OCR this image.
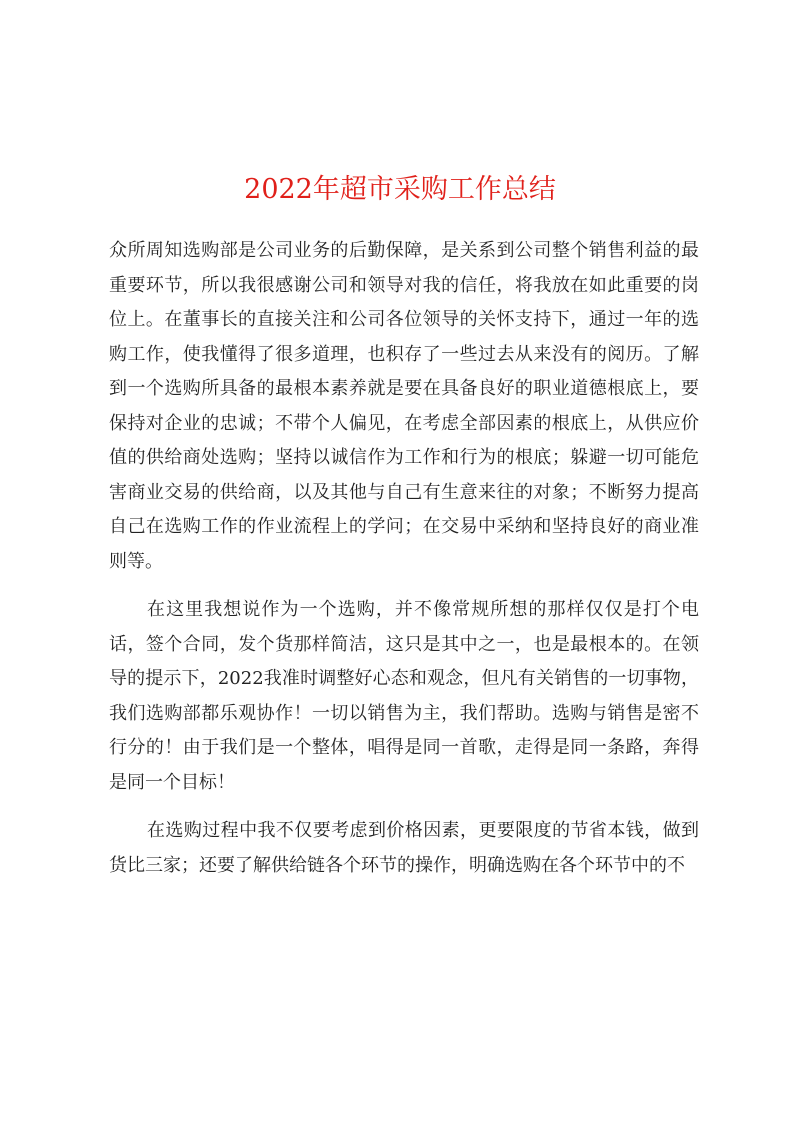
2022年超市采购工作总结

众所周知选购部是公司业务的后勤保障，是关系到公司整个销售利益的最重要环节，所以我很感谢公司和领导对我的信任，将我放在如此重要的岗位上。在董事长的直接关注和公司各位领导的关怀支持下，通过一年的选购工作，使我懂得了很多道理，也积存了一些过去从来没有的阅历。了解到一个选购所具备的最根本素养就是要在具备良好的职业道德根底上，要保持对企业的忠诚；不带个人偏见，在考虑全部因素的根底上，从供应价值的供给商处选购；坚持以诚信作为工作和行为的根底；躲避一切可能危害商业交易的供给商，以及其他与自己有生意来往的对象；不断努力提高自己在选购工作的作业流程上的学问；在交易中采纳和坚持良好的商业准则等。

在这里我想说作为一个选购，并不像常规所想的那样仅仅是打个电话，签个合同，发个货那样简洁，这只是其中之一，也是最根本的。在领导的提示下，2022我准时调整好心态和观念，但凡有关销售的一切事物，我们选购部都乐观协作！一切以销售为主，我们帮助。选购与销售是密不行分的！由于我们是一个整体，唱得是同一首歌，走得是同一条路，奔得是同一个目标！

在选购过程中我不仅要考虑到价格因素，更要限度的节省本钱，做到货比三家；还要了解供给链各个环节的操作，明确选购在各个环节中的不
